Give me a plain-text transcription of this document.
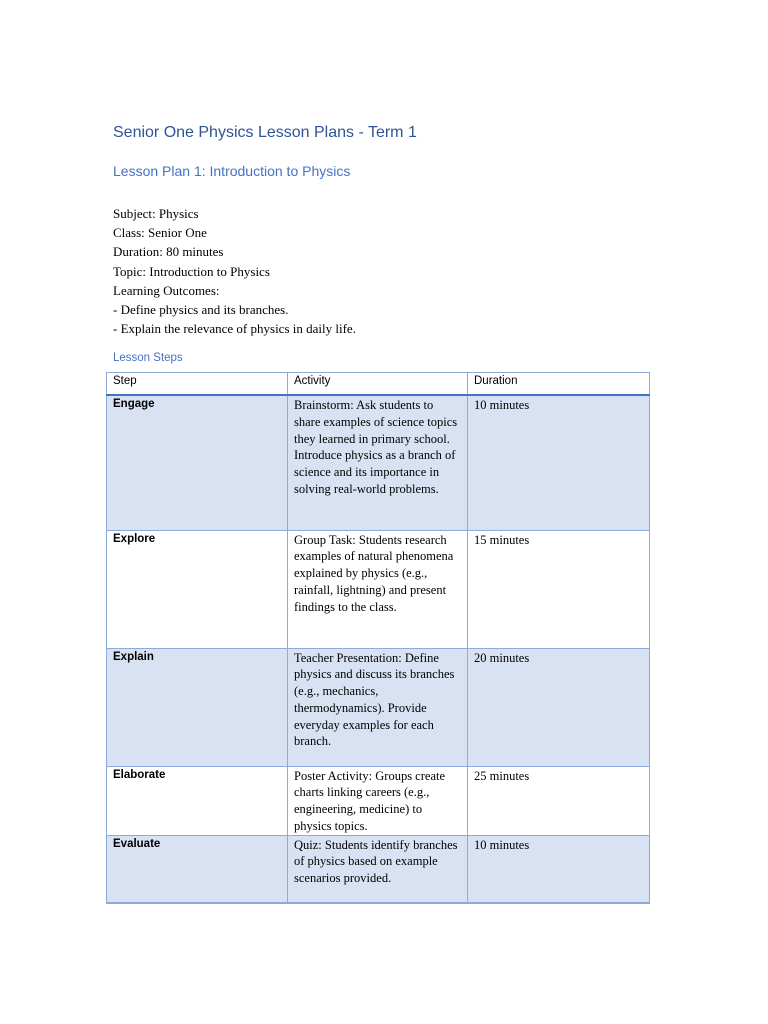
Senior One Physics Lesson Plans - Term 1
Lesson Plan 1: Introduction to Physics
Subject: Physics
Class: Senior One
Duration: 80 minutes
Topic: Introduction to Physics
Learning Outcomes:
- Define physics and its branches.
- Explain the relevance of physics in daily life.
Lesson Steps
Step	Activity	Duration
Engage	Brainstorm: Ask students to share examples of science topics they learned in primary school. Introduce physics as a branch of science and its importance in solving real-world problems.	10 minutes
Explore	Group Task: Students research examples of natural phenomena explained by physics (e.g., rainfall, lightning) and present findings to the class.	15 minutes
Explain	Teacher Presentation: Define physics and discuss its branches (e.g., mechanics, thermodynamics). Provide everyday examples for each branch.	20 minutes
Elaborate	Poster Activity: Groups create charts linking careers (e.g., engineering, medicine) to physics topics.	25 minutes
Evaluate	Quiz: Students identify branches of physics based on example scenarios provided.	10 minutes
